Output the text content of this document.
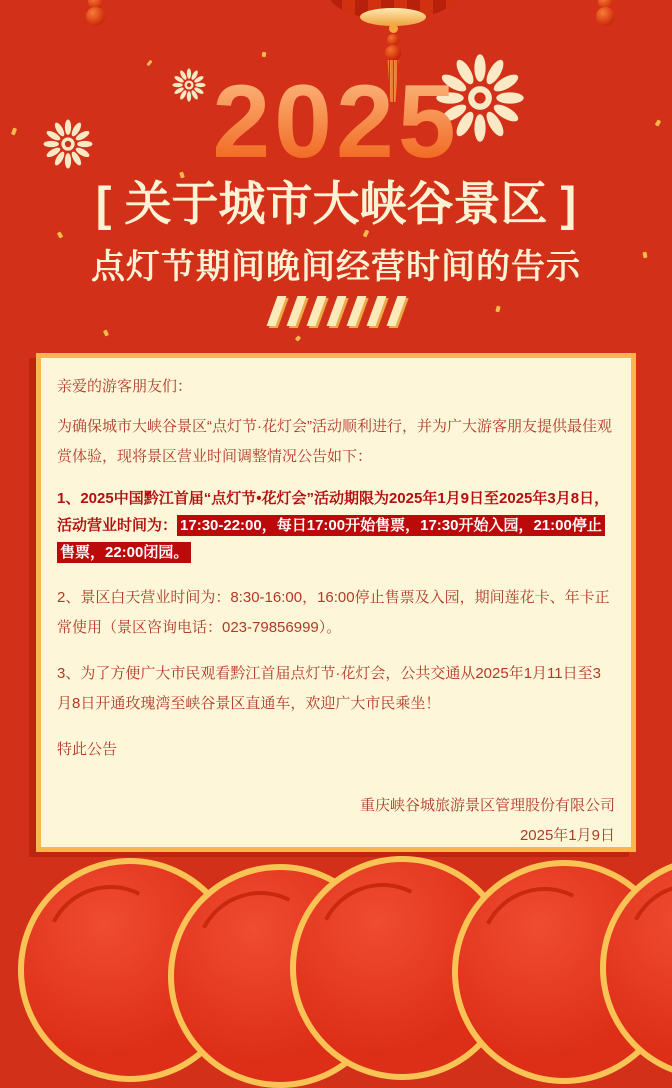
2025
[ 关于城市大峡谷景区 ]
点灯节期间晚间经营时间的告示

亲爱的游客朋友们：

为确保城市大峡谷景区“点灯节·花灯会”活动顺利进行，并为广大游客朋友提供最佳观赏体验，现将景区营业时间调整情况公告如下：

1、2025中国黔江首届“点灯节•花灯会”活动期限为2025年1月9日至2025年3月8日，活动营业时间为： 17:30-22:00，每日17:00开始售票，17:30开始入园，21:00停止售票，22:00闭园。

2、景区白天营业时间为：8:30-16:00，16:00停止售票及入园，期间莲花卡、年卡正常使用（景区咨询电话：023-79856999）。

3、为了方便广大市民观看黔江首届点灯节·花灯会，公共交通从2025年1月11日至3月8日开通玫瑰湾至峡谷景区直通车，欢迎广大市民乘坐！

特此公告

重庆峡谷城旅游景区管理股份有限公司

2025年1月9日
